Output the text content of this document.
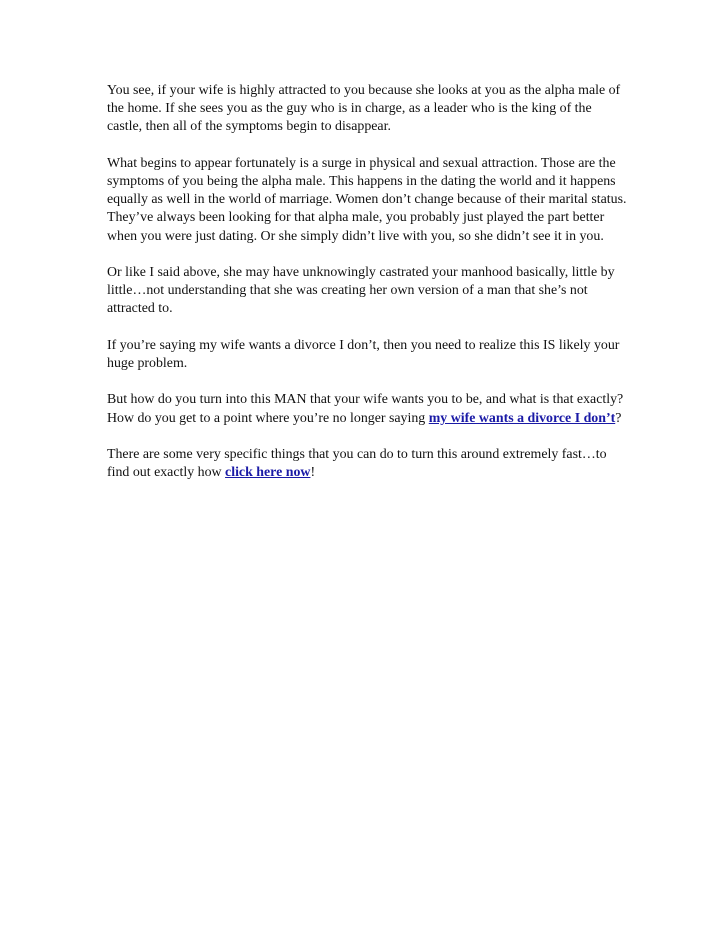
You see, if your wife is highly attracted to you because she looks at you as the alpha male of the home. If she sees you as the guy who is in charge, as a leader who is the king of the castle, then all of the symptoms begin to disappear.

What begins to appear fortunately is a surge in physical and sexual attraction. Those are the symptoms of you being the alpha male. This happens in the dating the world and it happens equally as well in the world of marriage. Women don’t change because of their marital status. They’ve always been looking for that alpha male, you probably just played the part better when you were just dating. Or she simply didn’t live with you, so she didn’t see it in you.

Or like I said above, she may have unknowingly castrated your manhood basically, little by little…not understanding that she was creating her own version of a man that she’s not attracted to.

If you’re saying my wife wants a divorce I don’t, then you need to realize this IS likely your huge problem.

But how do you turn into this MAN that your wife wants you to be, and what is that exactly? How do you get to a point where you’re no longer saying my wife wants a divorce I don’t?

There are some very specific things that you can do to turn this around extremely fast…to find out exactly how click here now!
